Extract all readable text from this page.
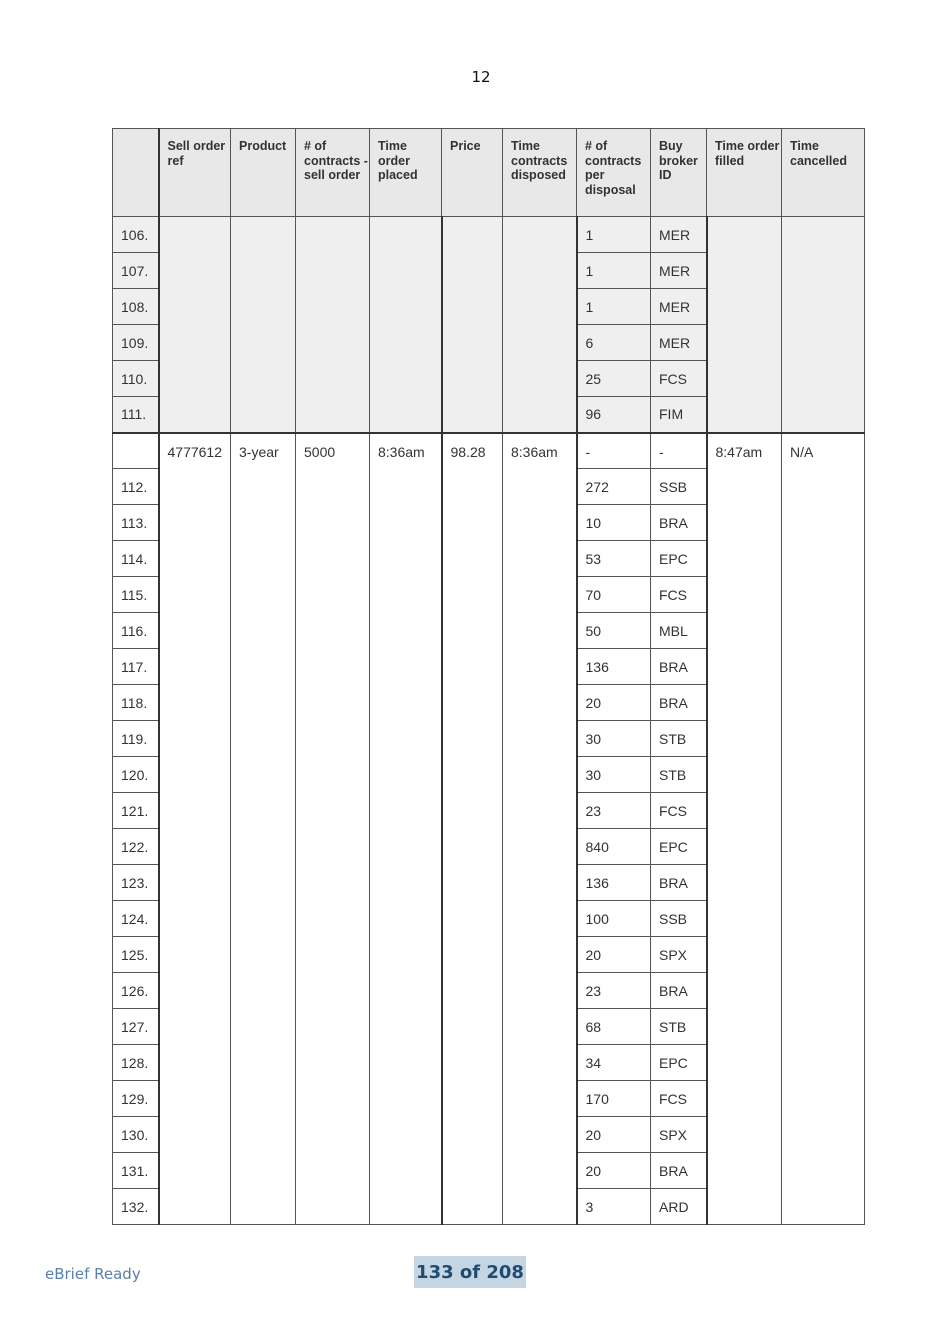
12
	Sell order ref	Product	# of contracts - sell order	Time order placed	Price	Time contracts disposed	# of contracts per disposal	Buy broker ID	Time order filled	Time cancelled
106.							1	MER		
107.							1	MER		
108.							1	MER		
109.							6	MER		
110.							25	FCS		
111.							96	FIM		
	4777612	3-year	5000	8:36am	98.28	8:36am	-	-	8:47am	N/A
112.							272	SSB		
113.							10	BRA		
114.							53	EPC		
115.							70	FCS		
116.							50	MBL		
117.							136	BRA		
118.							20	BRA		
119.							30	STB		
120.							30	STB		
121.							23	FCS		
122.							840	EPC		
123.							136	BRA		
124.							100	SSB		
125.							20	SPX		
126.							23	BRA		
127.							68	STB		
128.							34	EPC		
129.							170	FCS		
130.							20	SPX		
131.							20	BRA		
132.							3	ARD		
eBrief Ready	133 of 208
